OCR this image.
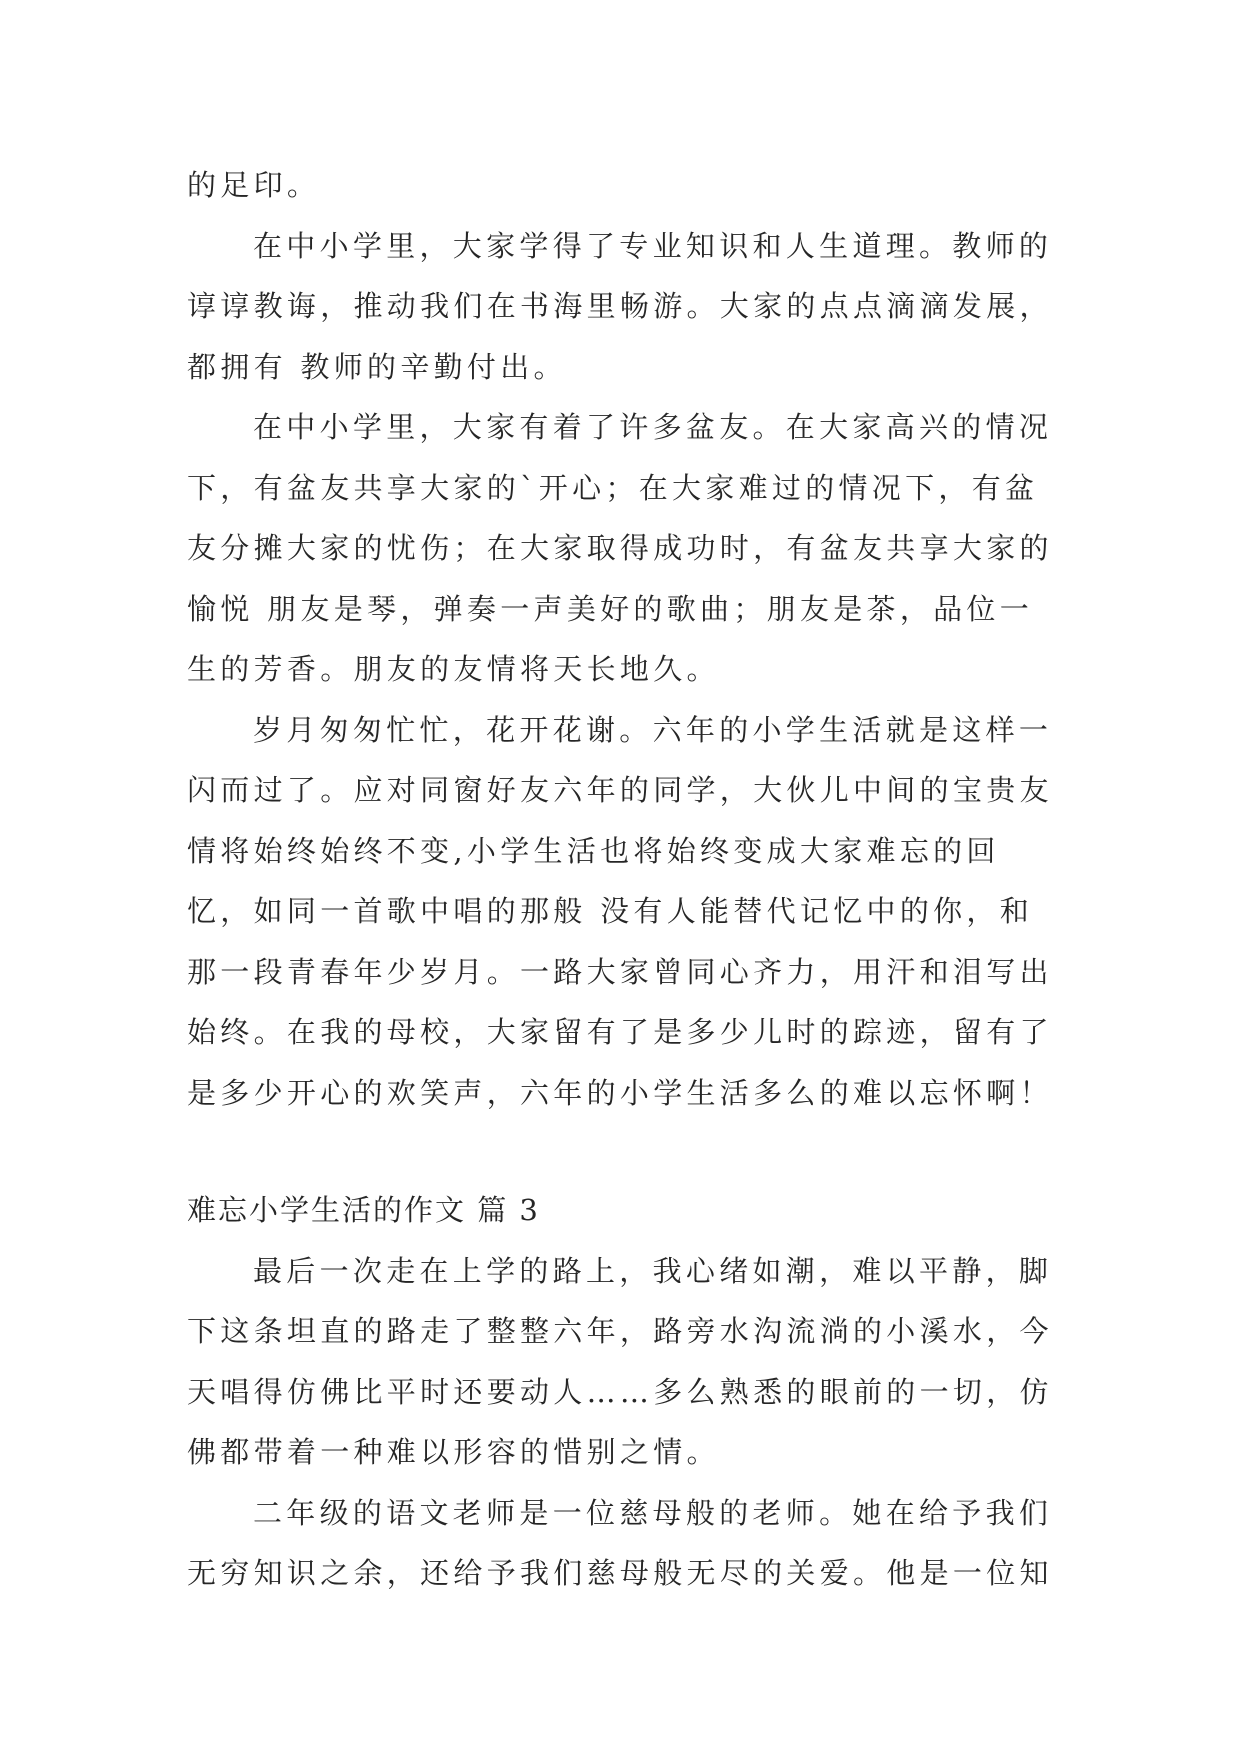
的足印。

在中小学里，大家学得了专业知识和人生道理。教师的谆谆教诲，推动我们在书海里畅游。大家的点点滴滴发展，都拥有 教师的辛勤付出。

在中小学里，大家有着了许多盆友。在大家高兴的情况下，有盆友共享大家的`开心；在大家难过的情况下，有盆友分摊大家的忧伤；在大家取得成功时，有盆友共享大家的愉悦 朋友是琴，弹奏一声美好的歌曲；朋友是茶，品位一生的芳香。朋友的友情将天长地久。

岁月匆匆忙忙，花开花谢。六年的小学生活就是这样一闪而过了。应对同窗好友六年的同学，大伙儿中间的宝贵友情将始终始终不变,小学生活也将始终变成大家难忘的回忆，如同一首歌中唱的那般 没有人能替代记忆中的你，和那一段青春年少岁月。一路大家曾同心齐力，用汗和泪写出始终。在我的母校，大家留有了是多少儿时的踪迹，留有了是多少开心的欢笑声，六年的小学生活多么的难以忘怀啊！

难忘小学生活的作文 篇 3

最后一次走在上学的路上，我心绪如潮，难以平静，脚下这条坦直的路走了整整六年，路旁水沟流淌的小溪水，今天唱得仿佛比平时还要动人……多么熟悉的眼前的一切，仿佛都带着一种难以形容的惜别之情。

二年级的语文老师是一位慈母般的老师。她在给予我们无穷知识之余，还给予我们慈母般无尽的关爱。他是一位知
